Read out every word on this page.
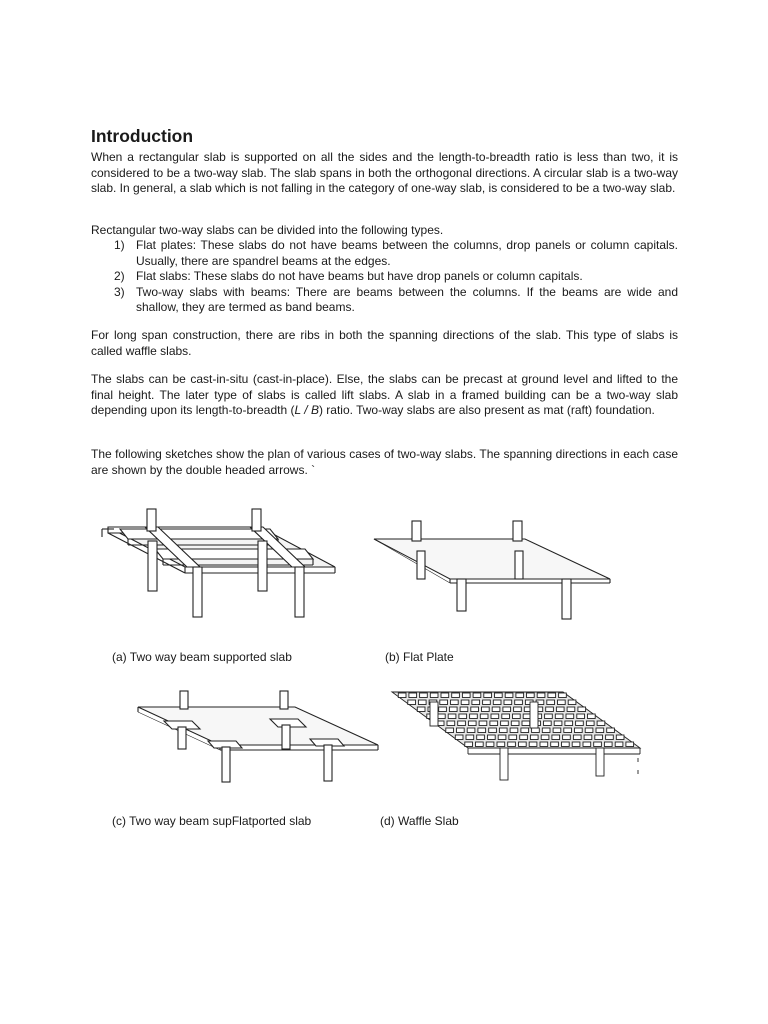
Introduction

When a rectangular slab is supported on all the sides and the length-to-breadth ratio is less than two, it is considered to be a two-way slab. The slab spans in both the orthogonal directions. A circular slab is a two-way slab. In general, a slab which is not falling in the category of one-way slab, is considered to be a two-way slab.

Rectangular two-way slabs can be divided into the following types.

1) Flat plates: These slabs do not have beams between the columns, drop panels or column capitals. Usually, there are spandrel beams at the edges.
2) Flat slabs: These slabs do not have beams but have drop panels or column capitals.
3) Two-way slabs with beams: There are beams between the columns. If the beams are wide and shallow, they are termed as band beams.

For long span construction, there are ribs in both the spanning directions of the slab. This type of slabs is called waffle slabs.

The slabs can be cast-in-situ (cast-in-place). Else, the slabs can be precast at ground level and lifted to the final height. The later type of slabs is called lift slabs. A slab in a framed building can be a two-way slab depending upon its length-to-breadth (L / B) ratio. Two-way slabs are also present as mat (raft) foundation.

The following sketches show the plan of various cases of two-way slabs. The spanning directions in each case are shown by the double headed arrows. `

(a) Two way beam supported slab	(b) Flat Plate
(c) Two way beam supFlatported slab	(d) Waffle Slab
